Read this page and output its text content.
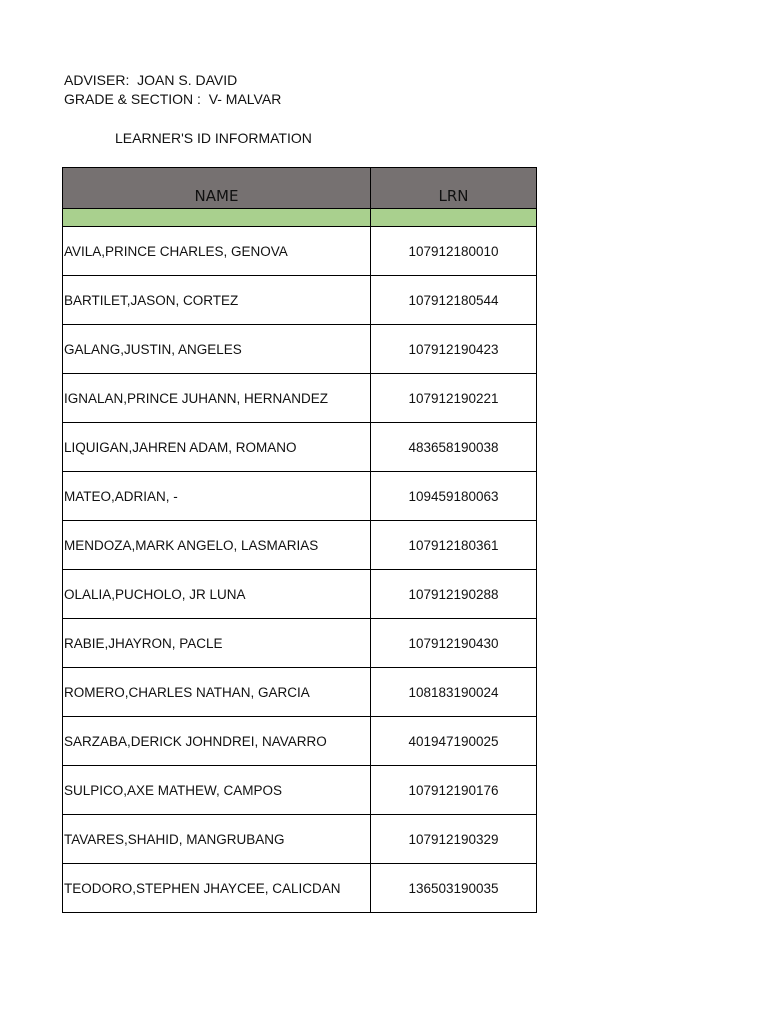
ADVISER:  JOAN S. DAVID
GRADE & SECTION :  V- MALVAR
LEARNER'S ID INFORMATION
NAME	LRN

AVILA,PRINCE CHARLES, GENOVA	107912180010
BARTILET,JASON, CORTEZ	107912180544
GALANG,JUSTIN, ANGELES	107912190423
IGNALAN,PRINCE JUHANN, HERNANDEZ	107912190221
LIQUIGAN,JAHREN ADAM, ROMANO	483658190038
MATEO,ADRIAN, -	109459180063
MENDOZA,MARK ANGELO, LASMARIAS	107912180361
OLALIA,PUCHOLO, JR LUNA	107912190288
RABIE,JHAYRON, PACLE	107912190430
ROMERO,CHARLES NATHAN, GARCIA	108183190024
SARZABA,DERICK JOHNDREI, NAVARRO	401947190025
SULPICO,AXE MATHEW, CAMPOS	107912190176
TAVARES,SHAHID, MANGRUBANG	107912190329
TEODORO,STEPHEN JHAYCEE, CALICDAN	136503190035
